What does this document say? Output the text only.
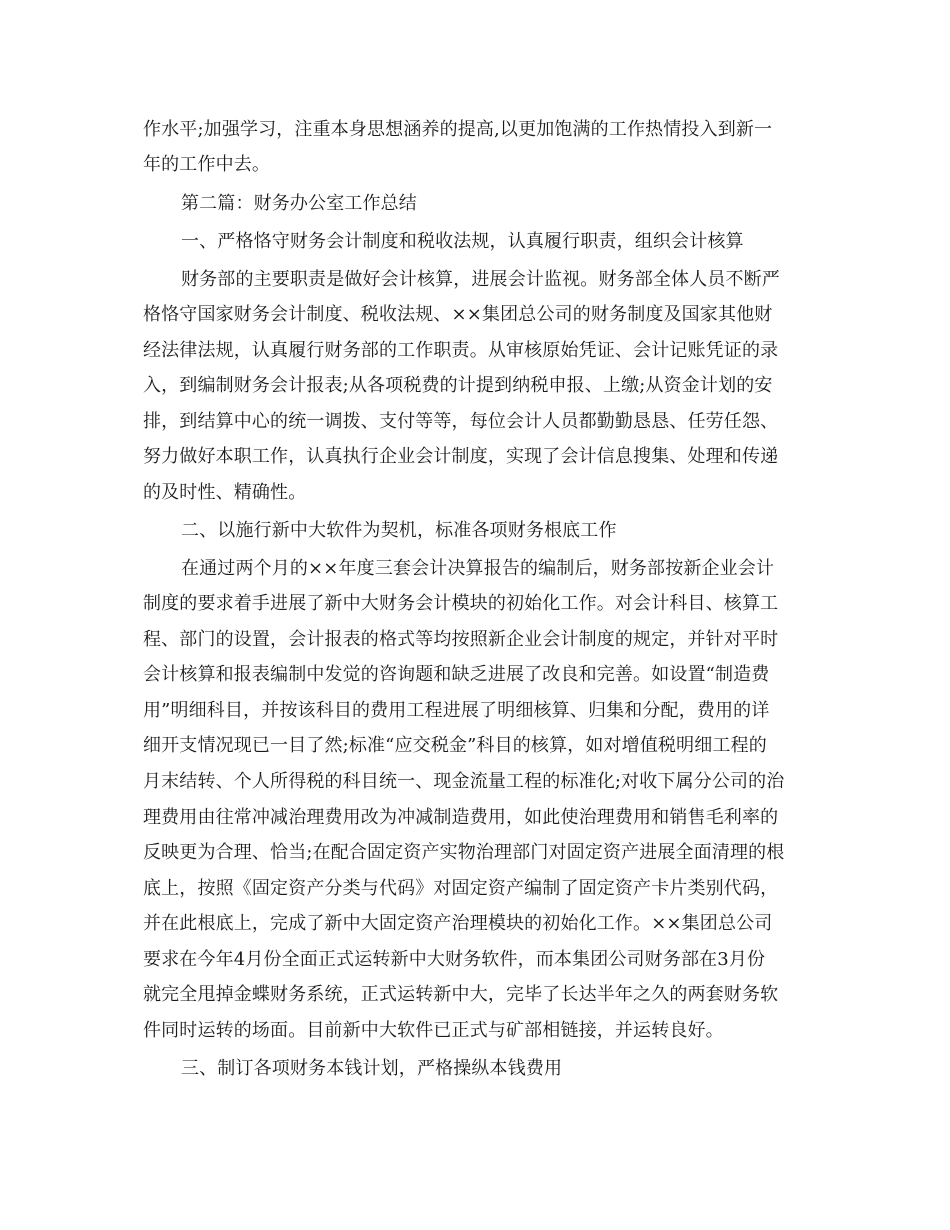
作水平;加强学习，注重本身思想涵养的提高,以更加饱满的工作热情投入到新一
年的工作中去。
第二篇：财务办公室工作总结
一、严格恪守财务会计制度和税收法规，认真履行职责，组织会计核算
财务部的主要职责是做好会计核算，进展会计监视。财务部全体人员不断严
格恪守国家财务会计制度、税收法规、××集团总公司的财务制度及国家其他财
经法律法规，认真履行财务部的工作职责。从审核原始凭证、会计记账凭证的录
入，到编制财务会计报表;从各项税费的计提到纳税申报、上缴;从资金计划的安
排，到结算中心的统一调拨、支付等等，每位会计人员都勤勤恳恳、任劳任怨、
努力做好本职工作，认真执行企业会计制度，实现了会计信息搜集、处理和传递
的及时性、精确性。
二、以施行新中大软件为契机，标准各项财务根底工作
在通过两个月的××年度三套会计决算报告的编制后，财务部按新企业会计
制度的要求着手进展了新中大财务会计模块的初始化工作。对会计科目、核算工
程、部门的设置，会计报表的格式等均按照新企业会计制度的规定，并针对平时
会计核算和报表编制中发觉的咨询题和缺乏进展了改良和完善。如设置“制造费
用”明细科目，并按该科目的费用工程进展了明细核算、归集和分配，费用的详
细开支情况现已一目了然;标准“应交税金”科目的核算，如对增值税明细工程的
月末结转、个人所得税的科目统一、现金流量工程的标准化;对收下属分公司的治
理费用由往常冲减治理费用改为冲减制造费用，如此使治理费用和销售毛利率的
反映更为合理、恰当;在配合固定资产实物治理部门对固定资产进展全面清理的根
底上，按照《固定资产分类与代码》对固定资产编制了固定资产卡片类别代码，
并在此根底上，完成了新中大固定资产治理模块的初始化工作。××集团总公司
要求在今年4月份全面正式运转新中大财务软件，而本集团公司财务部在3月份
就完全甩掉金蝶财务系统，正式运转新中大，完毕了长达半年之久的两套财务软
件同时运转的场面。目前新中大软件已正式与矿部相链接，并运转良好。
三、制订各项财务本钱计划，严格操纵本钱费用
